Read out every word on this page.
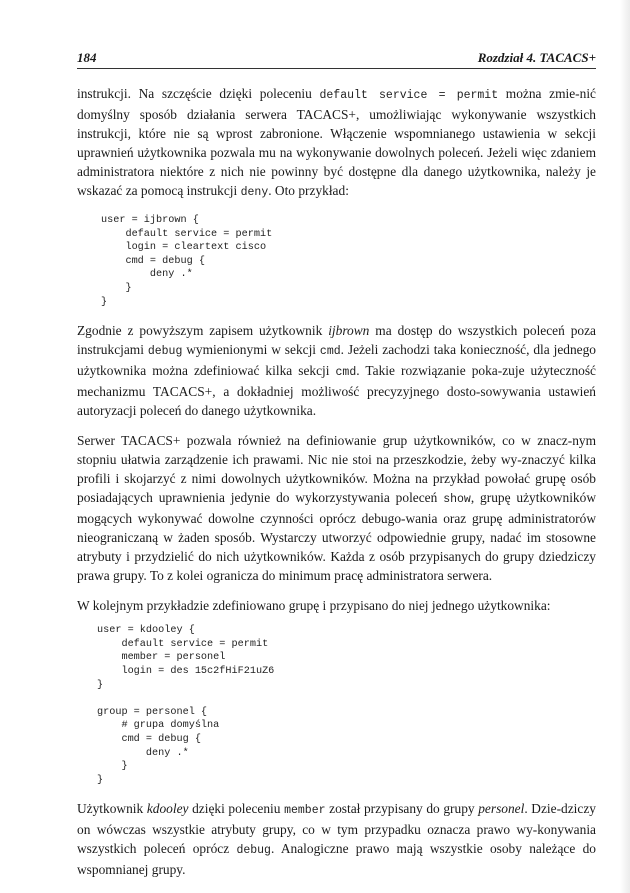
184	Rozdział 4. TACACS+

instrukcji. Na szczęście dzięki poleceniu default service = permit można zmie-nić domyślny sposób działania serwera TACACS+, umożliwiając wykonywanie wszystkich instrukcji, które nie są wprost zabronione. Włączenie wspomnianego ustawienia w sekcji uprawnień użytkownika pozwala mu na wykonywanie dowolnych poleceń. Jeżeli więc zdaniem administratora niektóre z nich nie powinny być dostępne dla danego użytkownika, należy je wskazać za pomocą instrukcji deny. Oto przykład:

user = ijbrown {
default service = permit
login = cleartext cisco
cmd = debug {
deny .*
}
}

Zgodnie z powyższym zapisem użytkownik ijbrown ma dostęp do wszystkich poleceń poza instrukcjami debug wymienionymi w sekcji cmd. Jeżeli zachodzi taka konieczność, dla jednego użytkownika można zdefiniować kilka sekcji cmd. Takie rozwiązanie poka-zuje użyteczność mechanizmu TACACS+, a dokładniej możliwość precyzyjnego dosto-sowywania ustawień autoryzacji poleceń do danego użytkownika.

Serwer TACACS+ pozwala również na definiowanie grup użytkowników, co w znacz-nym stopniu ułatwia zarządzenie ich prawami. Nic nie stoi na przeszkodzie, żeby wy-znaczyć kilka profili i skojarzyć z nimi dowolnych użytkowników. Można na przykład powołać grupę osób posiadających uprawnienia jedynie do wykorzystywania poleceń show, grupę użytkowników mogących wykonywać dowolne czynności oprócz debugo-wania oraz grupę administratorów nieograniczaną w żaden sposób. Wystarczy utworzyć odpowiednie grupy, nadać im stosowne atrybuty i przydzielić do nich użytkowników. Każda z osób przypisanych do grupy dziedziczy prawa grupy. To z kolei ogranicza do minimum pracę administratora serwera.

W kolejnym przykładzie zdefiniowano grupę i przypisano do niej jednego użytkownika:

user = kdooley {
default service = permit
member = personel
login = des 15c2fHiF21uZ6
}

group = personel {
# grupa domyślna
cmd = debug {
deny .*
}
}

Użytkownik kdooley dzięki poleceniu member został przypisany do grupy personel. Dzie-dziczy on wówczas wszystkie atrybuty grupy, co w tym przypadku oznacza prawo wy-konywania wszystkich poleceń oprócz debug. Analogiczne prawo mają wszystkie osoby należące do wspomnianej grupy.
